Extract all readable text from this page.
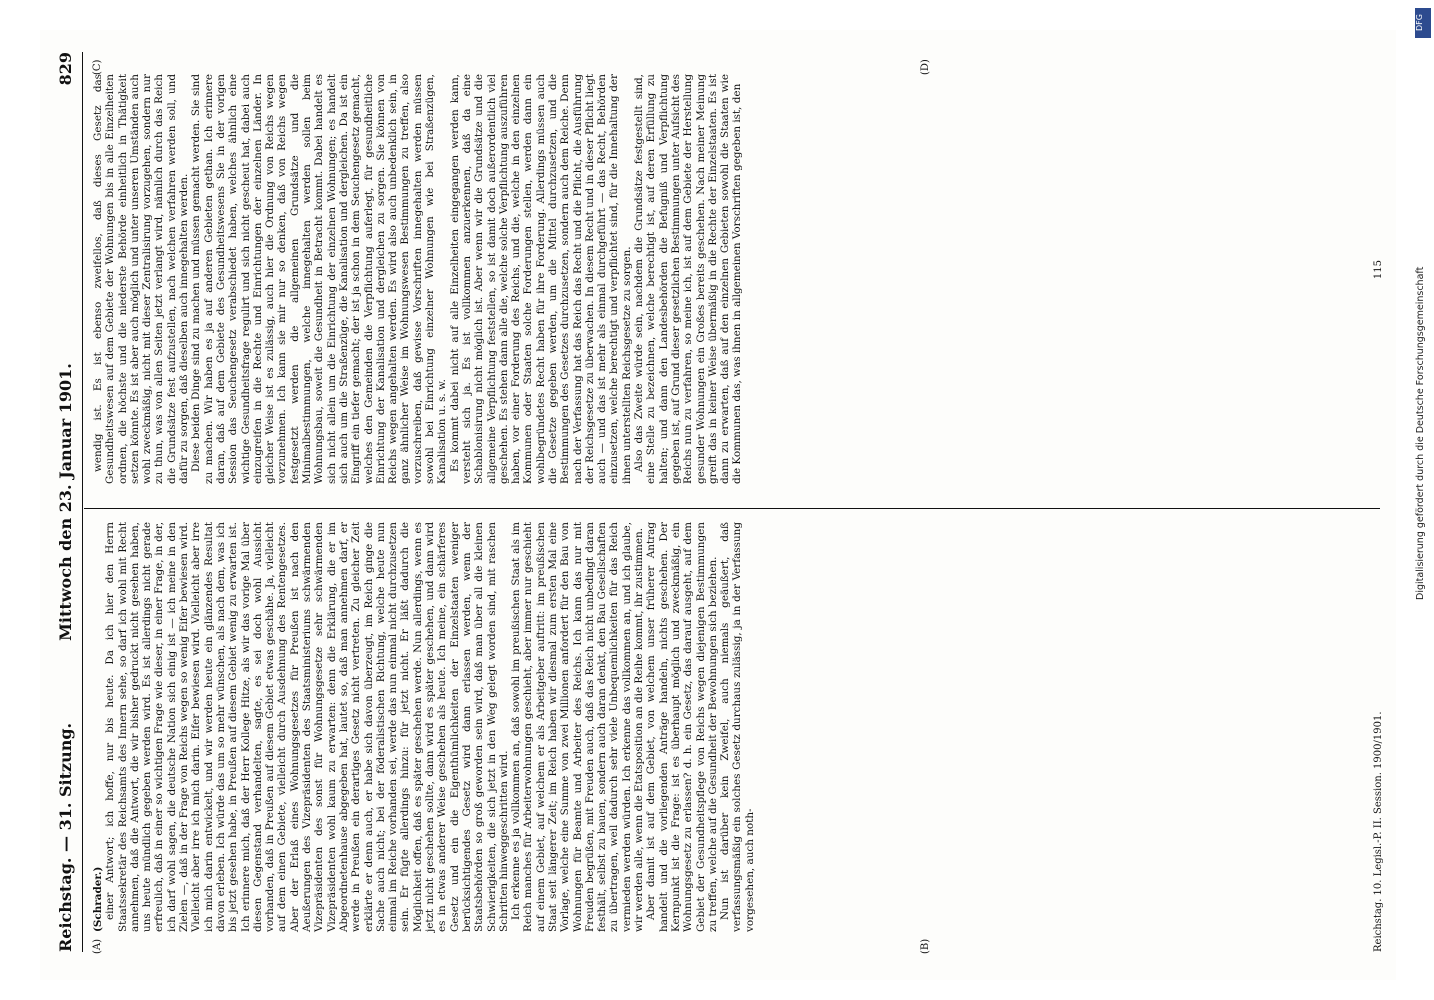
Reichstag. — 31. Sitzung.
Mittwoch den 23. Januar 1901.
829
(A)	(B)
(C)	(D)

(Schrader.) einer Antwort; ich hoffe, nur bis heute. Da ich hier den Herrn Staatssekretär des Reichsamts des Innern sehe, so darf ich wohl mit Recht annehmen, daß die Antwort, die wir bisher gedruckt nicht gesehen haben, uns heute mündlich gegeben werden wird. Es ist allerdings nicht gerade erfreulich, daß in einer so wichtigen Frage wie dieser, in einer Frage, in der, ich darf wohl sagen, die deutsche Nation sich einig ist — ich meine in den Zielen —, daß in der Frage von Reichs wegen so wenig Eifer bewiesen wird. Vielleicht aber irre ich mich darin. Eifer bewiesen wird. Vielleicht aber irre ich mich darin entwickelt, und wir werden heute ein glänzendes Resultat davon erleben. Ich würde das um so mehr wünschen, als nach dem, was ich bis jetzt gesehen habe, in Preußen auf diesem Gebiet wenig zu erwarten ist. Ich erinnere mich, daß der Herr Kollege Hitze, als wir das vorige Mal über diesen Gegenstand verhandelten, sagte, es sei doch wohl Aussicht vorhanden, daß in Preußen auf diesem Gebiet etwas geschähe. Ja, vielleicht auf dem einen Gebiete, vielleicht durch Ausdehnung des Rentengesetzes. Aber der Erlaß eines Wohnungsgesetzes für Preußen ist nach den Aeußerungen des Vizepräsidenten des Staatsministeriums schwärmenden Vizepräsidenten des sonst für Wohnungsgesetze sehr schwärmenden Vizepräsidenten wohl kaum zu erwarten: denn die Erklärung, die er im Abgeordnetenhause abgegeben hat, lautet so, daß man annehmen darf, er werde in Preußen ein derartiges Gesetz nicht vertreten. Zu gleicher Zeit erklärte er denn auch, er habe sich davon überzeugt, im Reich ginge die Sache auch nicht; bei der föderalistischen Richtung, welche heute nun einmal im Reiche vorhanden sei, werde das nun einmal nicht durchzusetzen sein. Er fügte allerdings hinzu: für jetzt nicht. Er läßt dadurch die Möglichkeit offen, daß es später geschehen werde. Nun allerdings, wenn es jetzt nicht geschehen sollte, dann wird es später geschehen, und dann wird es in etwas anderer Weise geschehen als heute. Ich meine, ein schärferes Gesetz und ein die Eigenthümlichkeiten der Einzelstaaten weniger berücksichtigendes Gesetz wird dann erlassen werden, wenn der Staatsbehörden so groß geworden sein wird, daß man über all die kleinen Schwierigkeiten, die sich jetzt in den Weg gelegt worden sind, mit raschen Schritten hinweggeschritten wird. Ich erkenne es ja vollkommen an, daß sowohl im preußischen Staat als im Reich manches für Arbeiterwohnungen geschieht, aber immer nur geschieht auf einem Gebiet, auf welchem er als Arbeitgeber auftritt: im preußischen Staat seit längerer Zeit; im Reich haben wir diesmal zum ersten Mal eine Vorlage, welche eine Summe von zwei Millionen anfordert für den Bau von Wohnungen für Beamte und Arbeiter des Reichs. Ich kann das nur mit Freuden begrüßen, mit Freuden auch, daß das Reich nicht unbedingt daran festhält, selbst zu bauen, sondern auch daran denkt, den Bau Gesellschaften zu übertragen, weil dadurch sehr viele Unbequemlichkeiten für das Reich vermieden werden würden. Ich erkenne das vollkommen an, und ich glaube, wir werden alle, wenn die Etatsposition an die Reihe kommt, ihr zustimmen. Aber damit ist auf dem Gebiet, von welchem unser früherer Antrag handelt und die vorliegenden Anträge handeln, nichts geschehen. Der Kernpunkt ist die Frage: ist es überhaupt möglich und zweckmäßig, ein Wohnungsgesetz zu erlassen? d. h. ein Gesetz, das darauf ausgeht, auf dem Gebiet der Gesundheitspflege von Reichs wegen diejenigen Bestimmungen zu treffen, welche auf die Gesundheit der Bewohnungen sich beziehen. Nun ist darüber kein Zweifel, auch niemals geäußert, daß verfassungsmäßig ein solches Gesetz durchaus zulässig, ja in der Verfassung vorgesehen, auch noth-

wendig ist. Es ist ebenso zweifellos, daß dieses Gesetz das Gesundheitswesen auf dem Gebiete der Wohnungen bis in alle Einzelheiten ordnen, die höchste und die niederste Behörde einheitlich in Thätigkeit setzen könnte. Es ist aber auch möglich und unter unseren Umständen auch wohl zweckmäßig, nicht mit dieser Zentralisirung vorzugehen, sondern nur zu thun, was von allen Seiten jetzt verlangt wird, nämlich durch das Reich die Grundsätze fest aufzustellen, nach welchen verfahren werden soll, und dafür zu sorgen, daß dieselben auch innegehalten werden. Diese beiden Dinge sind zu machen und müssen gemacht werden. Sie sind zu machen. Wir haben es ja auf anderen Gebieten gethan. Ich erinnere daran, daß auf dem Gebiete des Gesundheitswesens Sie in der vorigen Session das Seuchengesetz verabschiedet haben, welches ähnlich eine wichtige Gesundheitsfrage regulirt und sich nicht gescheut hat, dabei auch einzugreifen in die Rechte und Einrichtungen der einzelnen Länder. In gleicher Weise ist es zulässig, auch hier die Ordnung von Reichs wegen vorzunehmen. Ich kann sie mir nur so denken, daß von Reichs wegen festgesetzt werden die allgemeinen Grundsätze und die Minimalbestimmungen, welche innegehalten werden sollen beim Wohnungsbau, soweit die Gesundheit in Betracht kommt. Dabei handelt es sich nicht allein um die Einrichtung der einzelnen Wohnungen; es handelt sich auch um die Straßenzüge, die Kanalisation und dergleichen. Da ist ein Eingriff ein tiefer gemacht; der ist ja schon in dem Seuchengesetz gemacht, welches den Gemeinden die Verpflichtung auferlegt, für gesundheitliche Einrichtung der Kanalisation und dergleichen zu sorgen. Sie können von Reichs wegen angehalten werden. Es wird also auch unbedenklich sein, in ganz ähnlicher Weise im Wohnungswesen Bestimmungen zu treffen, also vorzuschreiben, daß gewisse Vorschriften innegehalten werden müssen sowohl bei Einrichtung einzelner Wohnungen wie bei Straßenzügen, Kanalisation u. s. w. Es kommt dabei nicht auf alle Einzelheiten eingegangen werden kann, versteht sich ja. Es ist vollkommen anzuerkennen, daß da eine Schablonisirung nicht möglich ist. Aber wenn wir die Grundsätze und die allgemeine Verpflichtung feststellen, so ist damit doch außerordentlich viel geschehen. Es stehen dann alle die, welche solche Verpflichtung auszuführen haben, vor einer Forderung des Reichs, und die, welche in den einzelnen Kommunen oder Staaten solche Forderungen stellen, werden dann ein wohlbegründetes Recht haben für ihre Forderung. Allerdings müssen auch die Gesetze gegeben werden, um die Mittel durchzusetzen, und die Bestimmungen des Gesetzes durchzusetzen, sondern auch dem Reiche. Denn nach der Verfassung hat das Reich das Recht und die Pflicht, die Ausführung der Reichsgesetze zu überwachen. In diesem Recht und in dieser Pflicht liegt auch — und das ist mehr als einmal durchgeführt — das Recht, Behörden einzusetzen, welche berechtigt und verpflichtet sind, für die Innehaltung der ihnen unterstellten Reichsgesetze zu sorgen. Also das Zweite würde sein, nachdem die Grundsätze festgestellt sind, eine Stelle zu bezeichnen, welche berechtigt ist, auf deren Erfüllung zu halten; und dann den Landesbehörden die Befugniß und Verpflichtung gegeben ist, auf Grund dieser gesetzlichen Bestimmungen unter Aufsicht des Reichs nun zu verfahren, so meine ich, ist auf dem Gebiete der Herstellung gesunder Wohnungen ein Großes bereits geschehen. Nach meiner Meinung greift das in keiner Weise übermäßig in die Rechte der Einzelstaaten. Es ist dann zu erwarten, daß auf den einzelnen Gebieten sowohl die Staaten wie die Kommunen das, was ihnen in allgemeinen Vorschriften gegeben ist, den

Reichstag. 10. Legisl.-P. II. Session. 1900/1901.
115
DFG
Digitalisierung gefördert durch die Deutsche Forschungsgemeinschaft
